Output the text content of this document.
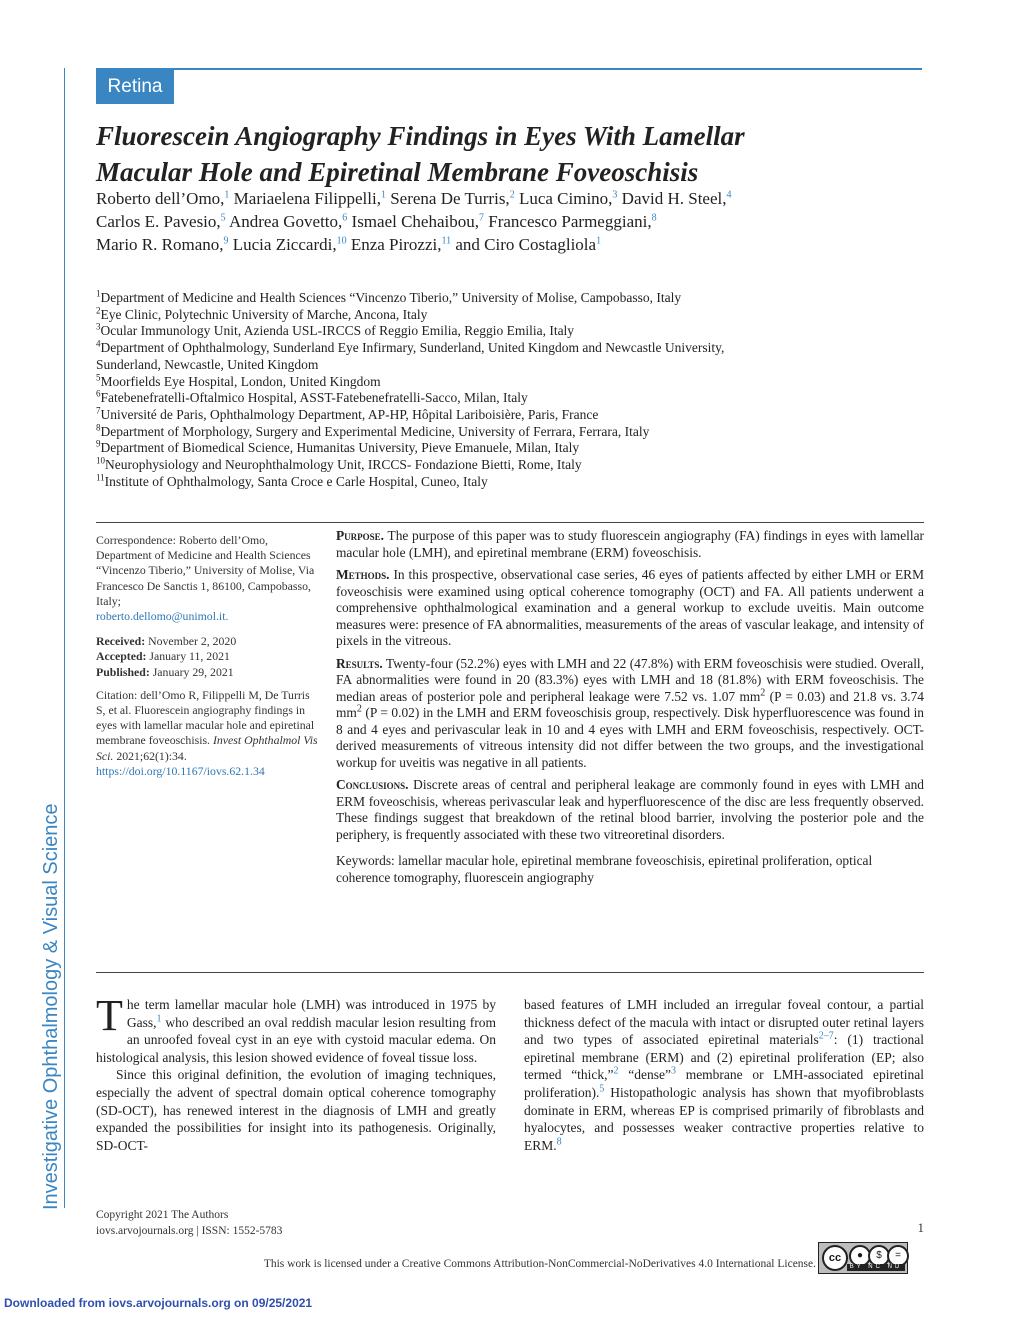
Retina
Fluorescein Angiography Findings in Eyes With Lamellar
Macular Hole and Epiretinal Membrane Foveoschisis

Roberto dell’Omo,$^1$ Mariaelena Filippelli,$^1$ Serena De Turris,$^2$ Luca Cimino,$^3$ David H. Steel,$^4$

Carlos E. Pavesio,$^5$ Andrea Govetto,$^6$ Ismael Chehaibou,$^7$ Francesco Parmeggiani,$^8$

Mario R. Romano,$^9$ Lucia Ziccardi,$^{10}$ Enza Pirozzi,$^{11}$ and Ciro Costagliola$^1$

$^1$Department of Medicine and Health Sciences “Vincenzo Tiberio,” University of Molise, Campobasso, Italy
$^2$Eye Clinic, Polytechnic University of Marche, Ancona, Italy
$^3$Ocular Immunology Unit, Azienda USL-IRCCS of Reggio Emilia, Reggio Emilia, Italy
$^4$Department of Ophthalmology, Sunderland Eye Infirmary, Sunderland, United Kingdom and Newcastle University,
Sunderland, Newcastle, United Kingdom
$^5$Moorfields Eye Hospital, London, United Kingdom
$^6$Fatebenefratelli-Oftalmico Hospital, ASST-Fatebenefratelli-Sacco, Milan, Italy
$^7$Université de Paris, Ophthalmology Department, AP-HP, Hôpital Lariboisière, Paris, France
$^8$Department of Morphology, Surgery and Experimental Medicine, University of Ferrara, Ferrara, Italy
$^9$Department of Biomedical Science, Humanitas University, Pieve Emanuele, Milan, Italy
$^{10}$Neurophysiology and Neurophthalmology Unit, IRCCS- Fondazione Bietti, Rome, Italy
$^{11}$Institute of Ophthalmology, Santa Croce e Carle Hospital, Cuneo, Italy

Correspondence: Roberto dell’Omo, Department of Medicine and Health Sciences “Vincenzo Tiberio,” University of Molise, Via Francesco De Sanctis 1, 86100, Campobasso, Italy;

roberto.dellomo@unimol.it.

Received: November 2, 2020

Accepted: January 11, 2021

Published: January 29, 2021

Citation: dell’Omo R, Filippelli M, De Turris S, et al. Fluorescein angiography findings in eyes with lamellar macular hole and epiretinal membrane foveoschisis. Invest Ophthalmol Vis Sci. 2021;62(1):34.

https://doi.org/10.1167/iovs.62.1.34

Purpose. The purpose of this paper was to study fluorescein angiography (FA) findings in eyes with lamellar macular hole (LMH), and epiretinal membrane (ERM) foveoschisis.

Methods. In this prospective, observational case series, 46 eyes of patients affected by either LMH or ERM foveoschisis were examined using optical coherence tomography (OCT) and FA. All patients underwent a comprehensive ophthalmological examination and a general workup to exclude uveitis. Main outcome measures were: presence of FA abnormalities, measurements of the areas of vascular leakage, and intensity of pixels in the vitreous.

Results. Twenty-four (52.2%) eyes with LMH and 22 (47.8%) with ERM foveoschisis were studied. Overall, FA abnormalities were found in 20 (83.3%) eyes with LMH and 18 (81.8%) with ERM foveoschisis. The median areas of posterior pole and peripheral leakage were 7.52 vs. 1.07 $mm^2$ (P = 0.03) and 21.8 vs. 3.74 $mm^2$ (P = 0.02) in the LMH and ERM foveoschisis group, respectively. Disk hyperfluorescence was found in 8 and 4 eyes and perivascular leak in 10 and 4 eyes with LMH and ERM foveoschisis, respectively. OCT-derived measurements of vitreous intensity did not differ between the two groups, and the investigational workup for uveitis was negative in all patients.

Conclusions. Discrete areas of central and peripheral leakage are commonly found in eyes with LMH and ERM foveoschisis, whereas perivascular leak and hyperfluorescence of the disc are less frequently observed. These findings suggest that breakdown of the retinal blood barrier, involving the posterior pole and the periphery, is frequently associated with these two vitreoretinal disorders.

Keywords: lamellar macular hole, epiretinal membrane foveoschisis, epiretinal proliferation, optical coherence tomography, fluorescein angiography

Investigative Ophthalmology & Visual Science The term lamellar macular hole (LMH) was introduced in 1975 by Gass,$^1$ who described an oval reddish macular lesion resulting from an unroofed foveal cyst in an eye with cystoid macular edema. On histological analysis, this lesion showed evidence of foveal tissue loss.

Since this original definition, the evolution of imaging techniques, especially the advent of spectral domain optical coherence tomography (SD-OCT), has renewed interest in the diagnosis of LMH and greatly expanded the possibilities for insight into its pathogenesis. Originally, SD-OCT-

based features of LMH included an irregular foveal contour, a partial thickness defect of the macula with intact or disrupted outer retinal layers and two types of associated epiretinal materials$^{2-7}$: (1) tractional epiretinal membrane (ERM) and (2) epiretinal proliferation (EP; also termed “thick,”$^2$ “dense”$^3$ membrane or LMH-associated epiretinal proliferation).$^5$ Histopathologic analysis has shown that myofibroblasts dominate in ERM, whereas EP is comprised primarily of fibroblasts and hyalocytes, and possesses weaker contractive properties relative to ERM.$^8$

Copyright 2021 The Authors
iovs.arvojournals.org | ISSN: 1552-5783	1
This work is licensed under a Creative Commons Attribution-NonCommercial-NoDerivatives 4.0 International License.	cc	●	$	=
BY NC ND
Downloaded from iovs.arvojournals.org on 09/25/2021
